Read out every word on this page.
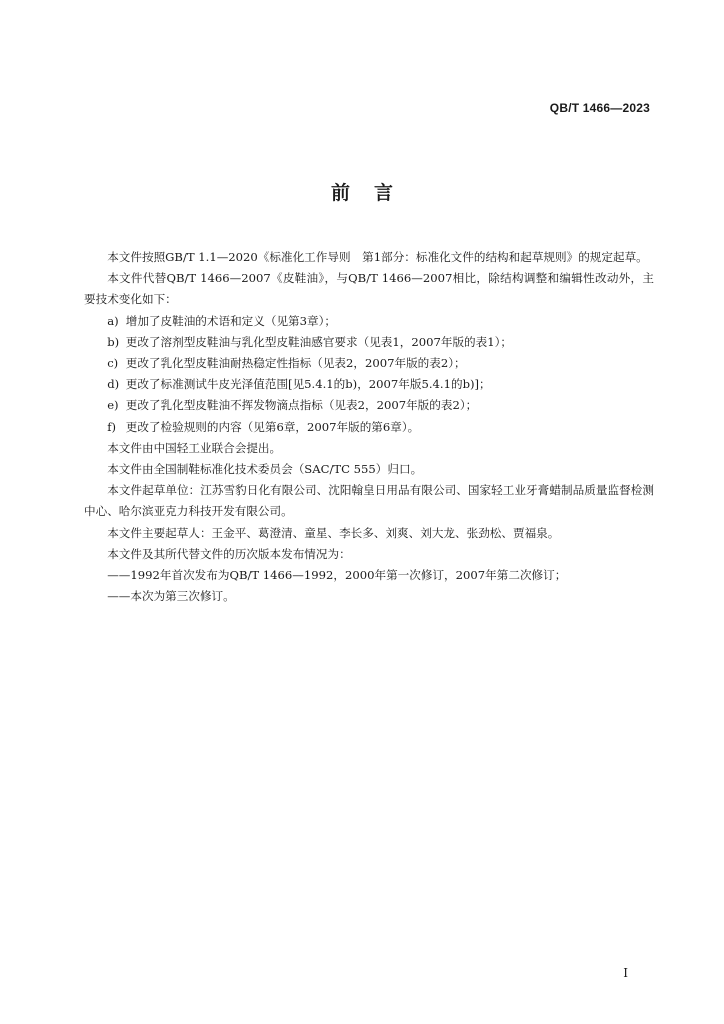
QB/T 1466—2023
前言

本文件按照GB/T 1.1—2020《标准化工作导则　第1部分：标准化文件的结构和起草规则》的规定起草。

本文件代替QB/T 1466—2007《皮鞋油》，与QB/T 1466—2007相比，除结构调整和编辑性改动外，主要技术变化如下：

a) 增加了皮鞋油的术语和定义（见第3章）；

b) 更改了溶剂型皮鞋油与乳化型皮鞋油感官要求（见表1，2007年版的表1）；

c) 更改了乳化型皮鞋油耐热稳定性指标（见表2，2007年版的表2）；

d) 更改了标准测试牛皮光泽值范围[见5.4.1的b)，2007年版5.4.1的b)]；

e) 更改了乳化型皮鞋油不挥发物滴点指标（见表2，2007年版的表2）；

f) 更改了检验规则的内容（见第6章，2007年版的第6章）。

本文件由中国轻工业联合会提出。

本文件由全国制鞋标准化技术委员会（SAC/TC 555）归口。

本文件起草单位：江苏雪豹日化有限公司、沈阳翰皇日用品有限公司、国家轻工业牙膏蜡制品质量监督检测中心、哈尔滨亚克力科技开发有限公司。

本文件主要起草人：王金平、葛澄清、童星、李长多、刘爽、刘大龙、张劲松、贾福泉。

本文件及其所代替文件的历次版本发布情况为：

——1992年首次发布为QB/T 1466—1992，2000年第一次修订，2007年第二次修订；

——本次为第三次修订。

I
